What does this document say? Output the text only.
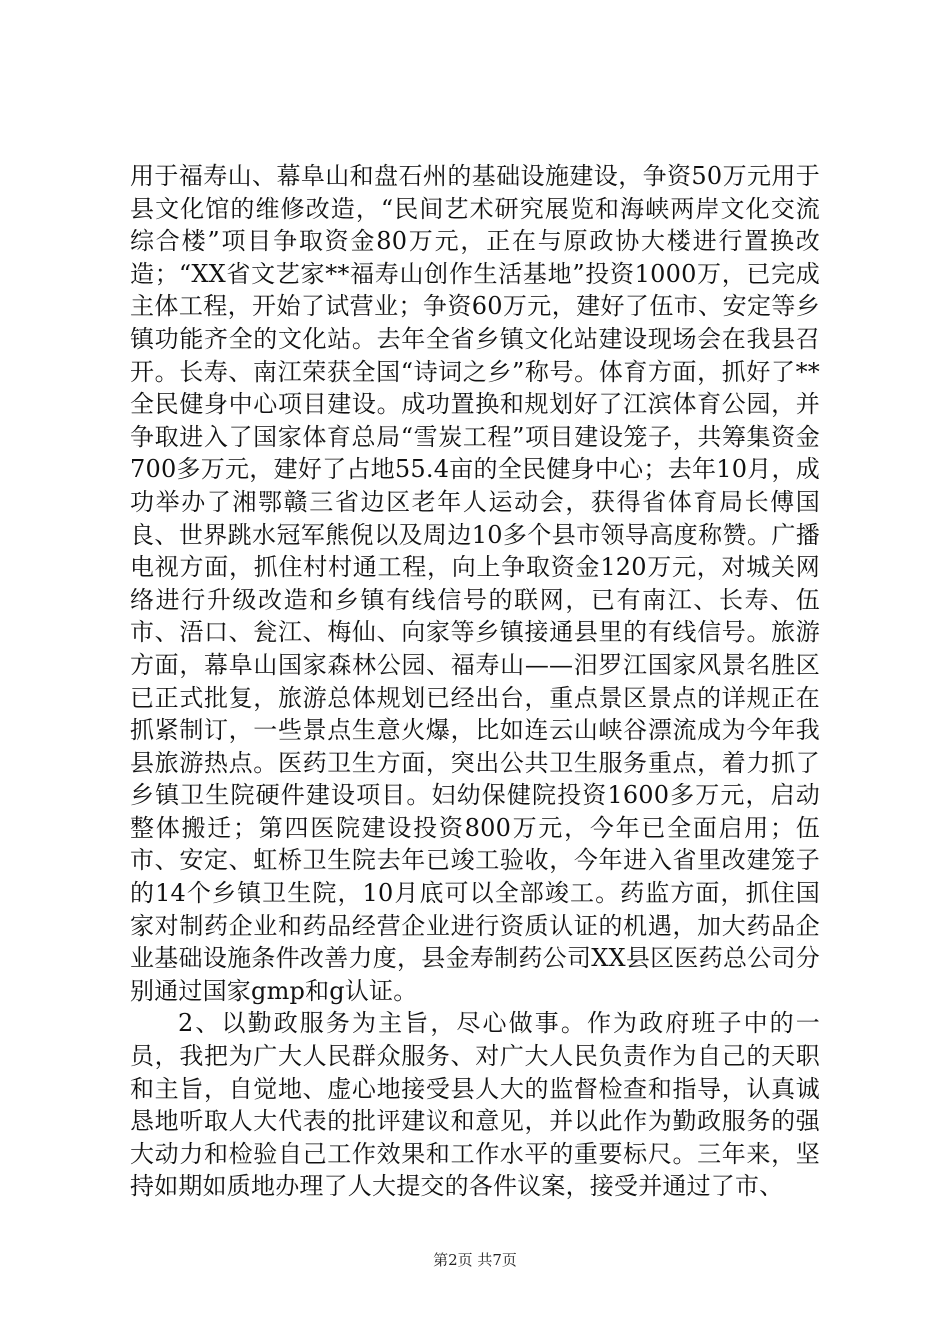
用于福寿山、幕阜山和盘石州的基础设施建设，争资50万元用于县文化馆的维修改造，“民间艺术研究展览和海峡两岸文化交流综合楼”项目争取资金80万元，正在与原政协大楼进行置换改造；“XX省文艺家**福寿山创作生活基地”投资1000万，已完成主体工程，开始了试营业；争资60万元，建好了伍市、安定等乡镇功能齐全的文化站。去年全省乡镇文化站建设现场会在我县召开。长寿、南江荣获全国“诗词之乡”称号。体育方面，抓好了**全民健身中心项目建设。成功置换和规划好了江滨体育公园，并争取进入了国家体育总局“雪炭工程”项目建设笼子，共筹集资金700多万元，建好了占地55.4亩的全民健身中心；去年10月，成功举办了湘鄂赣三省边区老年人运动会，获得省体育局长傅国良、世界跳水冠军熊倪以及周边10多个县市领导高度称赞。广播电视方面，抓住村村通工程，向上争取资金120万元，对城关网络进行升级改造和乡镇有线信号的联网，已有南江、长寿、伍市、浯口、瓮江、梅仙、向家等乡镇接通县里的有线信号。旅游方面，幕阜山国家森林公园、福寿山——汨罗江国家风景名胜区已正式批复，旅游总体规划已经出台，重点景区景点的详规正在抓紧制订，一些景点生意火爆，比如连云山峡谷漂流成为今年我县旅游热点。医药卫生方面，突出公共卫生服务重点，着力抓了乡镇卫生院硬件建设项目。妇幼保健院投资1600多万元，启动整体搬迁；第四医院建设投资800万元，今年已全面启用；伍市、安定、虹桥卫生院去年已竣工验收，今年进入省里改建笼子的14个乡镇卫生院，10月底可以全部竣工。药监方面，抓住国家对制药企业和药品经营企业进行资质认证的机遇，加大药品企业基础设施条件改善力度，县金寿制药公司XX县区医药总公司分别通过国家gmp和g认证。

2、以勤政服务为主旨，尽心做事。作为政府班子中的一员，我把为广大人民群众服务、对广大人民负责作为自己的天职和主旨，自觉地、虚心地接受县人大的监督检查和指导，认真诚恳地听取人大代表的批评建议和意见，并以此作为勤政服务的强大动力和检验自己工作效果和工作水平的重要标尺。三年来，坚持如期如质地办理了人大提交的各件议案，接受并通过了市、

第2页 共7页
